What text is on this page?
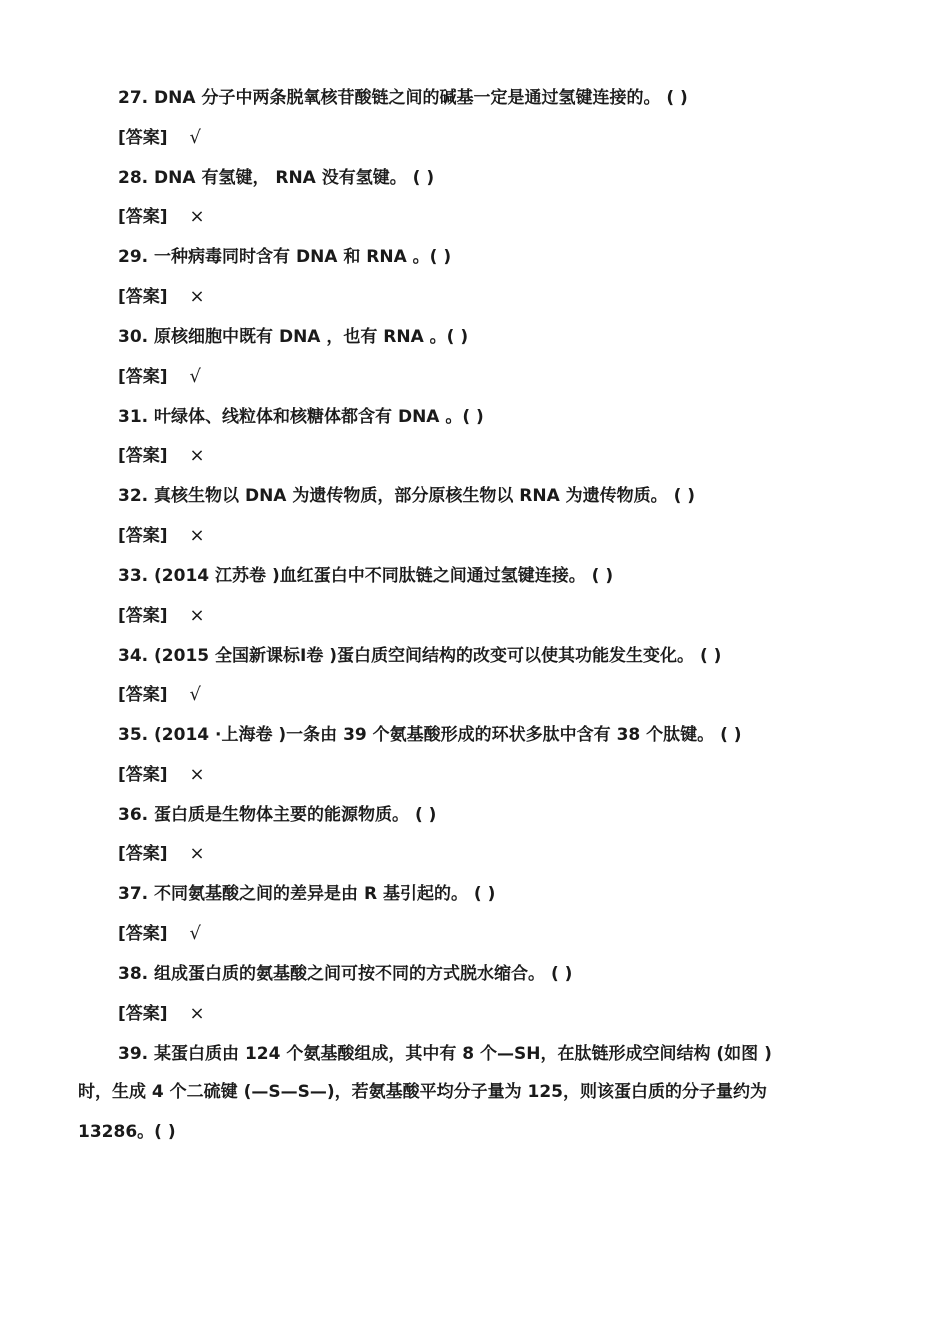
27. DNA 分子中两条脱氧核苷酸链之间的碱基一定是通过氢键连接的。 ( )
[答案] √
28. DNA 有氢键， RNA 没有氢键。 ( )
[答案] ×
29. 一种病毒同时含有 DNA 和 RNA 。( )
[答案] ×
30. 原核细胞中既有 DNA ，也有 RNA 。( )
[答案] √
31. 叶绿体、线粒体和核糖体都含有 DNA 。( )
[答案] ×
32. 真核生物以 DNA 为遗传物质，部分原核生物以 RNA 为遗传物质。 ( )
[答案] ×
33. (2014 江苏卷 )血红蛋白中不同肽链之间通过氢键连接。 ( )
[答案] ×
34. (2015 全国新课标Ⅰ卷 )蛋白质空间结构的改变可以使其功能发生变化。 ( )
[答案] √
35. (2014 ·上海卷 )一条由 39 个氨基酸形成的环状多肽中含有 38 个肽键。 ( )
[答案] ×
36. 蛋白质是生物体主要的能源物质。 ( )
[答案] ×
37. 不同氨基酸之间的差异是由 R 基引起的。 ( )
[答案] √
38. 组成蛋白质的氨基酸之间可按不同的方式脱水缩合。 ( )
[答案] ×
39. 某蛋白质由 124 个氨基酸组成，其中有 8 个—SH，在肽链形成空间结构 (如图 )
时，生成 4 个二硫键 (—S—S—)，若氨基酸平均分子量为 125，则该蛋白质的分子量约为
13286。( )
